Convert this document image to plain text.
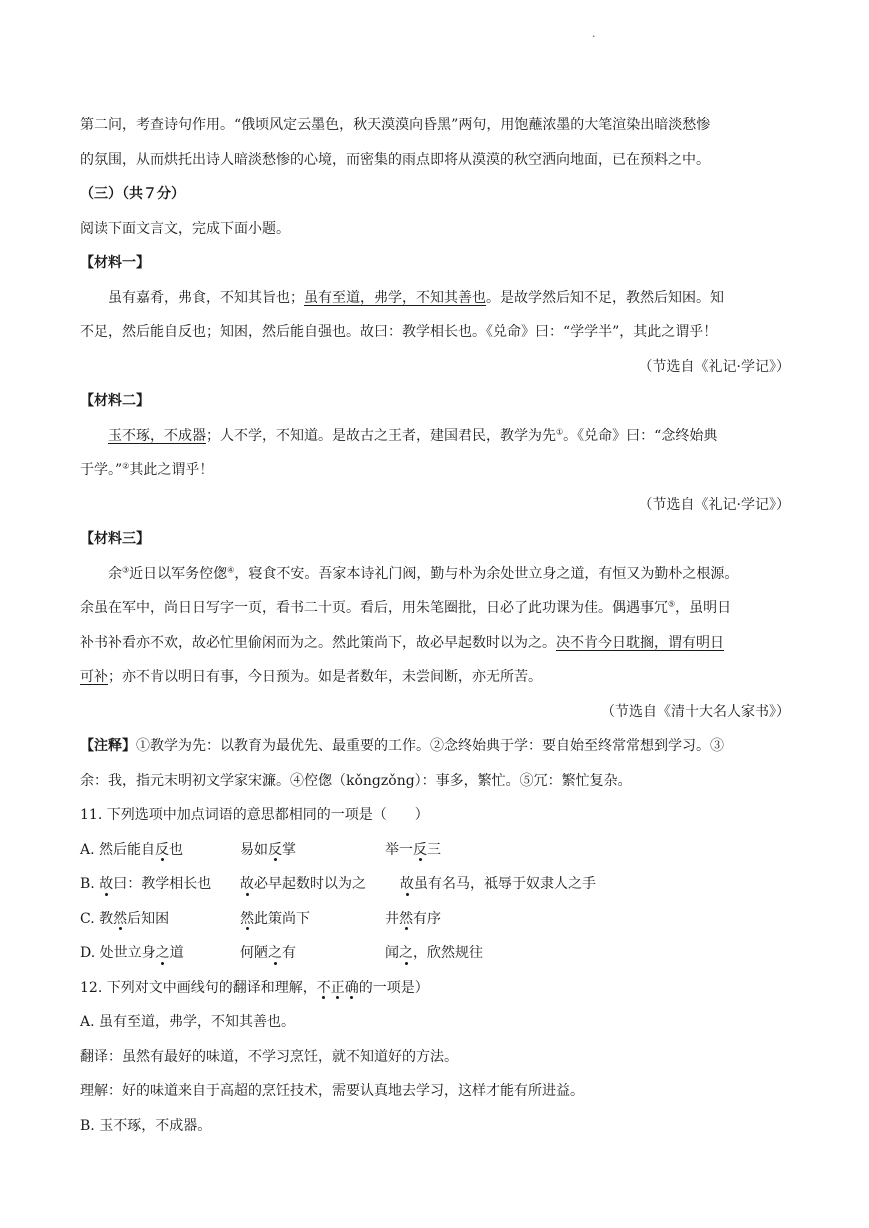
·
第二问，考查诗句作用。“俄顷风定云墨色，秋天漠漠向昏黑”两句，用饱蘸浓墨的大笔渲染出暗淡愁惨
的氛围，从而烘托出诗人暗淡愁惨的心境，而密集的雨点即将从漠漠的秋空洒向地面，已在预料之中。
（三）（共７分）
阅读下面文言文，完成下面小题。
【材料一】
虽有嘉肴，弗食，不知其旨也；虽有至道，弗学，不知其善也。是故学然后知不足，教然后知困。知
不足，然后能自反也；知困，然后能自强也。故曰：教学相长也。《兑命》曰：“学学半”，其此之谓乎！
（节选自《礼记·学记》）
【材料二】
玉不琢，不成器；人不学，不知道。是故古之王者，建国君民，教学为先①。《兑命》曰：“念终始典
于学。”②其此之谓乎！
（节选自《礼记·学记》）
【材料三】
余③近日以军务倥偬④，寝食不安。吾家本诗礼门阀，勤与朴为余处世立身之道，有恒又为勤朴之根源。
余虽在军中，尚日日写字一页，看书二十页。看后，用朱笔圈批，日必了此功课为佳。偶遇事冗⑤，虽明日
补书补看亦不欢，故必忙里偷闲而为之。然此策尚下，故必早起数时以为之。决不肯今日耽搁，谓有明日
可补；亦不肯以明日有事，今日预为。如是者数年，未尝间断，亦无所苦。
（节选自《清十大名人家书》）
【注释】①教学为先：以教育为最优先、最重要的工作。②念终始典于学：要自始至终常常想到学习。③
余：我，指元末明初文学家宋濂。④倥偬（kǒngzǒng）：事多，繁忙。⑤冗：繁忙复杂。
11. 下列选项中加点词语的意思都相同的一项是（　　）
A. 然后能自反也	易如反掌	举一反三
B. 故曰：教学相长也 故必早起数时以为之 故虽有名马，祗辱于奴隶人之手
C. 教然后知困	然此策尚下	井然有序
D. 处世立身之道	何陋之有	闻之，欣然规往
12. 下列对文中画线句的翻译和理解，不正确的一项是）
A. 虽有至道，弗学，不知其善也。
翻译：虽然有最好的味道，不学习烹饪，就不知道好的方法。
理解：好的味道来自于高超的烹饪技术，需要认真地去学习，这样才能有所进益。
B. 玉不琢，不成器。
